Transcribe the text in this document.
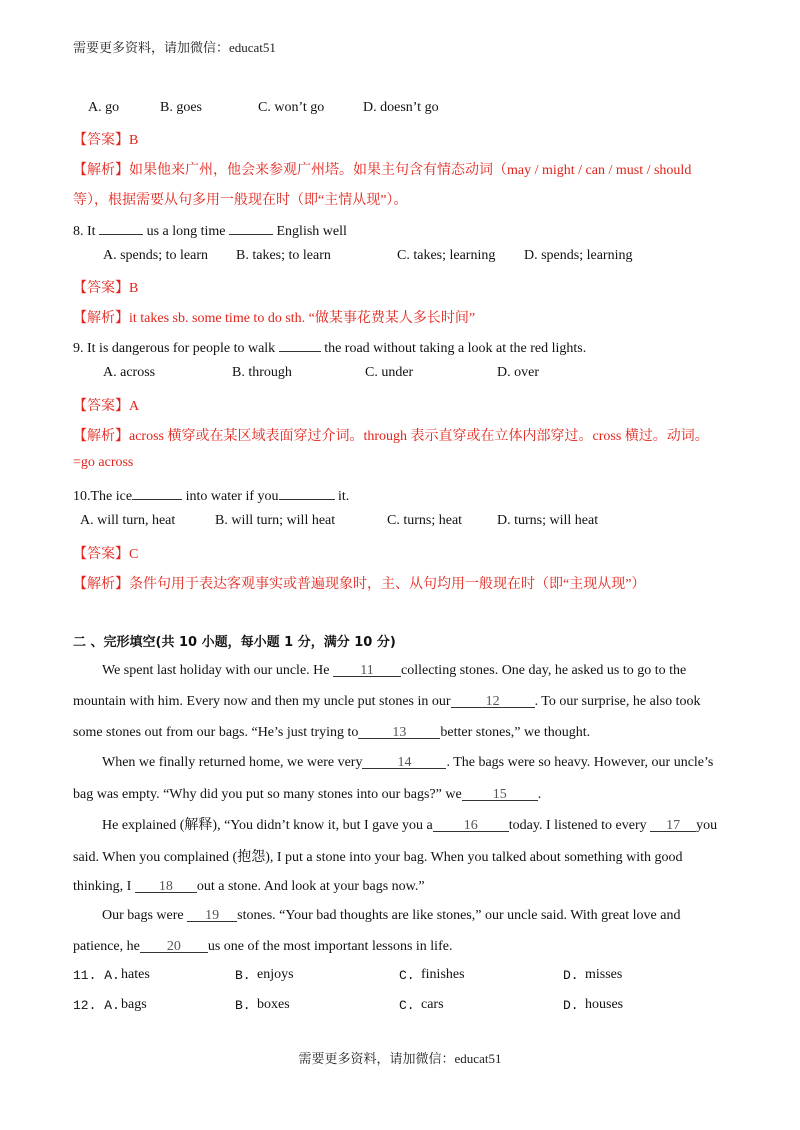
需要更多资料，请加微信：educat51
A. go	B. goes	C. won’t go	D. doesn’t go
【答案】B
【解析】如果他来广州，他会来参观广州塔。如果主句含有情态动词（may / might / can / must / should
等），根据需要从句多用一般现在时（即“主情从现”）。
8. It	us a long time	English well
A. spends; to learn B. takes; to learn	C. takes; learning D. spends; learning
【答案】B
【解析】it takes sb. some time to do sth. “做某事花费某人多长时间”
9. It is dangerous for people to walk	the road without taking a look at the red lights.
A. across	B. through	C. under	D. over
【答案】A
【解析】across 横穿或在某区域表面穿过介词。through 表示直穿或在立体内部穿过。cross 横过。动词。
=go across
10.The ice	into water if you	it.
A. will turn, heat	B. will turn; will heat	C. turns; heat D. turns; will heat
【答案】C
【解析】条件句用于表达客观事实或普遍现象时，主、从句均用一般现在时（即“主现从现”）
二 、完形填空(共 10 小题，每小题 1 分，满分 10 分)
We spent last holiday with our uncle. He 11 collecting stones. One day, he asked us to go to the
mountain with him. Every now and then my uncle put stones in our	12	. To our surprise, he also took
some stones out from our bags. “He’s just trying to 13 better stones,” we thought.
When we finally returned home, we were very	14	. The bags were so heavy. However, our uncle’s
bag was empty. “Why did you put so many stones into our bags?” we 15 .
He explained (解释), “You didn’t know it, but I gave you a 16 today. I listened to every 17 you
said. When you complained (抱怨), I put a stone into your bag. When you talked about something with good
thinking, I 18 out a stone. And look at your bags now.”
Our bags were 19 stones. “Your bad thoughts are like stones,” our uncle said. With great love and
patience, he 20 us one of the most important lessons in life.
11. A. hates	B. enjoys	C. finishes	D. misses
12. A. bags	B. boxes	C. cars	D. houses
需要更多资料，请加微信：educat51
